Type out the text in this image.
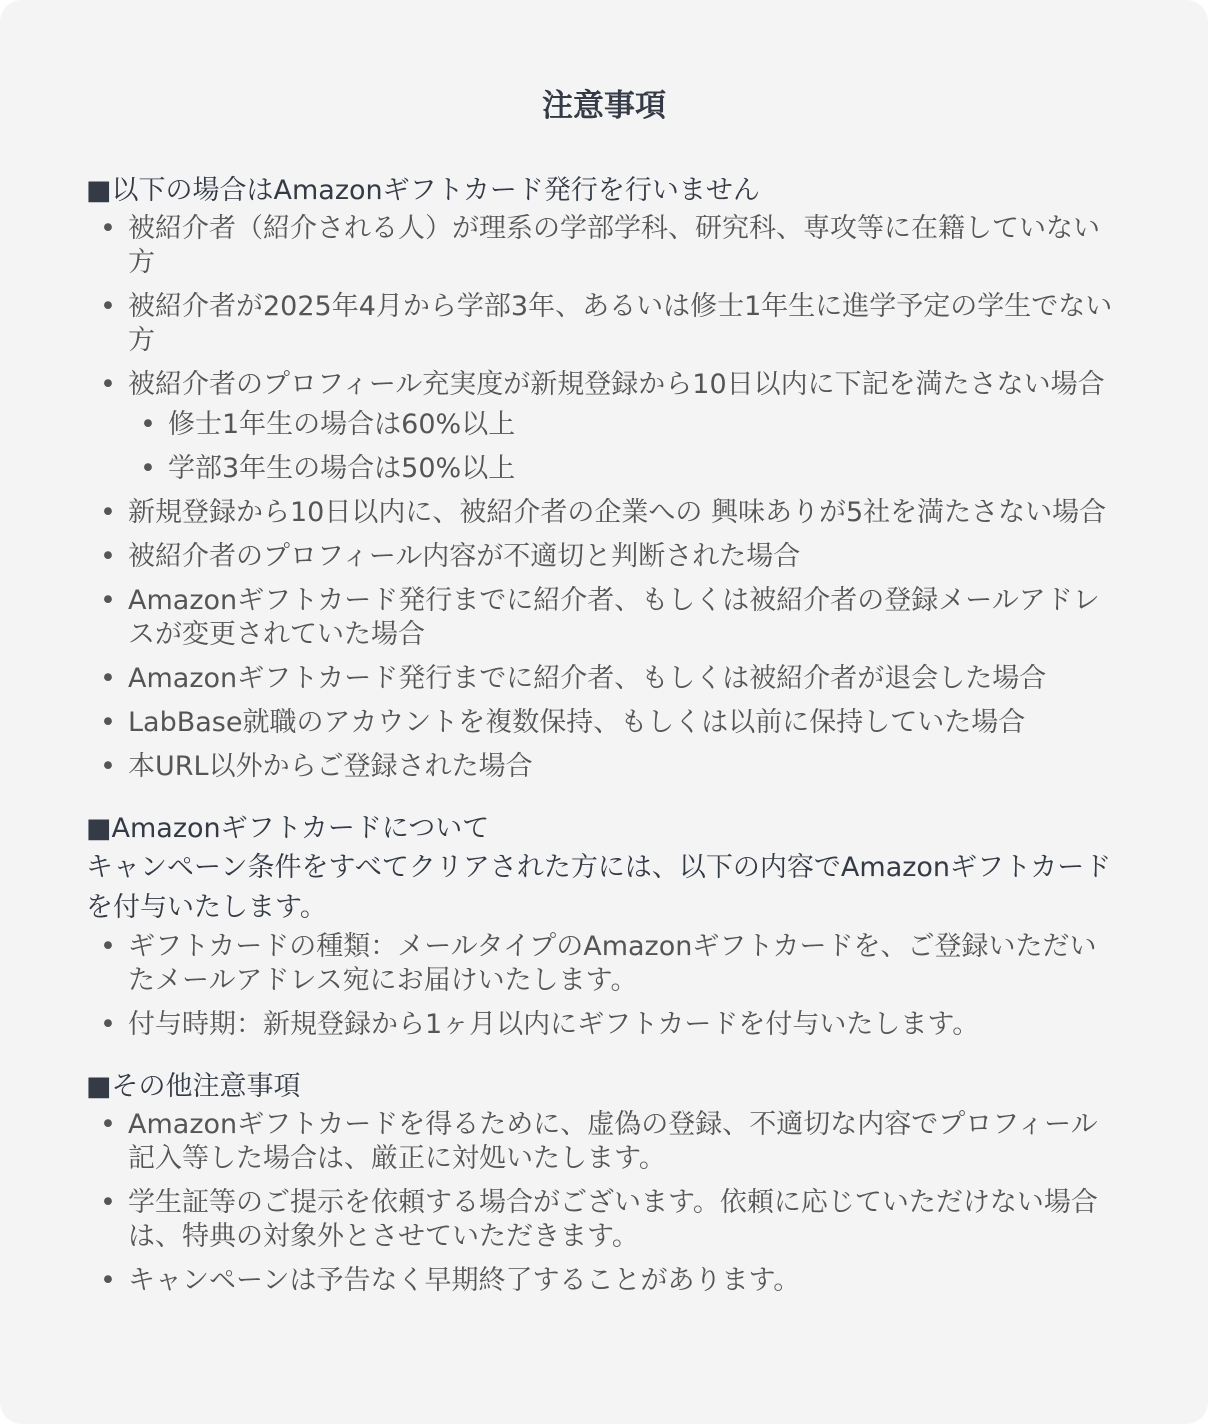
注意事項

■以下の場合はAmazonギフトカード発行を行いません

• 被紹介者（紹介される人）が理系の学部学科、研究科、専攻等に在籍していない方
• 被紹介者が2025年4月から学部3年、あるいは修士1年生に進学予定の学生でない方
• 被紹介者のプロフィール充実度が新規登録から10日以内に下記を満たさない場合
• 修士1年生の場合は60%以上
• 学部3年生の場合は50%以上
• 新規登録から10日以内に、被紹介者の企業への 興味ありが5社を満たさない場合
• 被紹介者のプロフィール内容が不適切と判断された場合
• Amazonギフトカード発行までに紹介者、もしくは被紹介者の登録メールアドレスが変更されていた場合
• Amazonギフトカード発行までに紹介者、もしくは被紹介者が退会した場合
• LabBase就職のアカウントを複数保持、もしくは以前に保持していた場合
• 本URL以外からご登録された場合

■Amazonギフトカードについて

キャンペーン条件をすべてクリアされた方には、以下の内容でAmazonギフトカードを付与いたします。

• ギフトカードの種類：メールタイプのAmazonギフトカードを、ご登録いただいたメールアドレス宛にお届けいたします。
• 付与時期：新規登録から1ヶ月以内にギフトカードを付与いたします。

■その他注意事項

• Amazonギフトカードを得るために、虚偽の登録、不適切な内容でプロフィール記入等した場合は、厳正に対処いたします。
• 学生証等のご提示を依頼する場合がございます。依頼に応じていただけない場合は、特典の対象外とさせていただきます。
• キャンペーンは予告なく早期終了することがあります。
